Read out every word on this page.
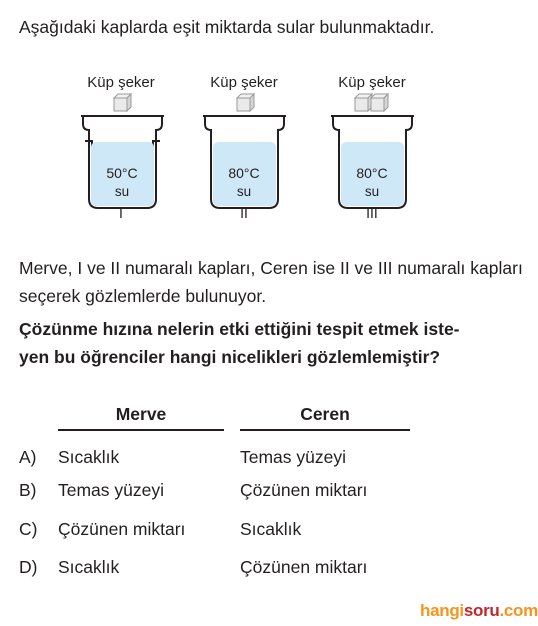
Aşağıdaki kaplarda eşit miktarda sular bulunmaktadır.
Küp şeker
50°C
su
I
Küp şeker
80°C
su
II
Küp şeker
80°C
su
III
Merve, I ve II numaralı kapları, Ceren ise II ve III numaralı kapları seçerek gözlemlerde bulunuyor.
Çözünme hızına nelerin etki ettiğini tespit etmek iste-
yen bu öğrenciler hangi nicelikleri gözlemlemiştir?
Merve	Ceren
A) Sıcaklık	Temas yüzeyi
B) Temas yüzeyi	Çözünen miktarı
C) Çözünen miktarı	Sıcaklık
D) Sıcaklık	Çözünen miktarı
hangisoru.com
